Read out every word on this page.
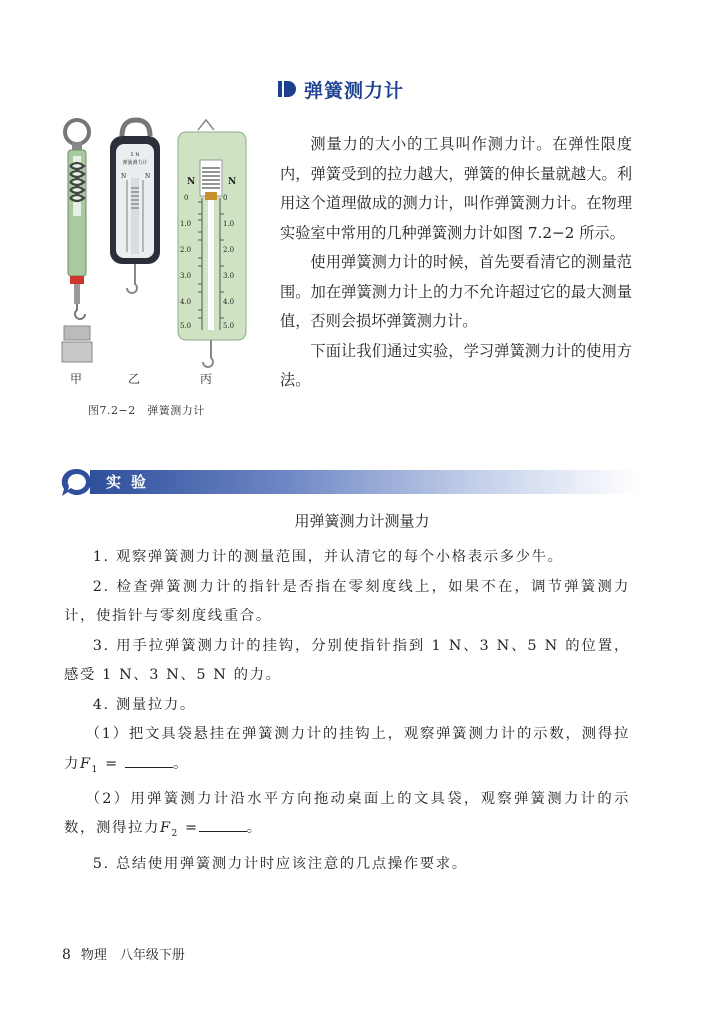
弹簧测力计
5 N
弹簧测力计
N	N
N	N
0	0
1.0	1.0
2.0	2.0
3.0	3.0
4.0	4.0
5.0	5.0
甲	乙	丙
图7.2−2　弹簧测力计

测量力的大小的工具叫作测力计。在弹性限度内，弹簧受到的拉力越大，弹簧的伸长量就越大。利用这个道理做成的测力计，叫作弹簧测力计。在物理实验室中常用的几种弹簧测力计如图 7.2−2 所示。

使用弹簧测力计的时候，首先要看清它的测量范围。加在弹簧测力计上的力不允许超过它的最大测量值，否则会损坏弹簧测力计。

下面让我们通过实验，学习弹簧测力计的使用方法。

实验
用弹簧测力计测量力

1. 观察弹簧测力计的测量范围，并认清它的每个小格表示多少牛。

2. 检查弹簧测力计的指针是否指在零刻度线上，如果不在，调节弹簧测力计，使指针与零刻度线重合。

3. 用手拉弹簧测力计的挂钩，分别使指针指到 1 N、3 N、5 N 的位置，感受 1 N、3 N、5 N 的力。

4. 测量拉力。

（1）把文具袋悬挂在弹簧测力计的挂钩上，观察弹簧测力计的示数，测得拉力$F_1$ =	。

（2）用弹簧测力计沿水平方向拖动桌面上的文具袋，观察弹簧测力计的示数，测得拉力$F_2$ =	。

5. 总结使用弹簧测力计时应该注意的几点操作要求。

8 物理　八年级下册
